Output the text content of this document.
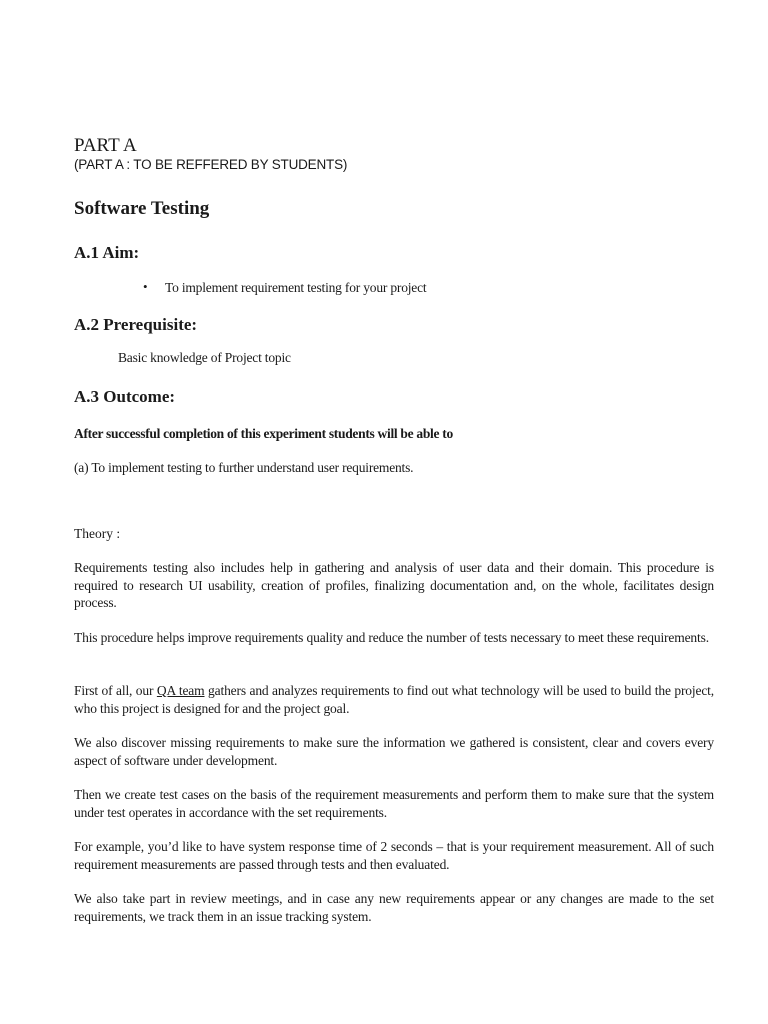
PART A

(PART A : TO BE REFFERED BY STUDENTS)

Software Testing
A.1 Aim:
• To implement requirement testing for your project

A.2 Prerequisite:

Basic knowledge of Project topic

A.3 Outcome:

After successful completion of this experiment students will be able to

(a) To implement testing to further understand user requirements.

Theory :

Requirements testing also includes help in gathering and analysis of user data and their domain. This procedure is required to research UI usability, creation of profiles, finalizing documentation and, on the whole, facilitates design process.

This procedure helps improve requirements quality and reduce the number of tests necessary to meet these requirements.

First of all, our QA team gathers and analyzes requirements to find out what technology will be used to build the project, who this project is designed for and the project goal.

We also discover missing requirements to make sure the information we gathered is consistent, clear and covers every aspect of software under development.

Then we create test cases on the basis of the requirement measurements and perform them to make sure that the system under test operates in accordance with the set requirements.

For example, you’d like to have system response time of 2 seconds – that is your requirement measurement. All of such requirement measurements are passed through tests and then evaluated.

We also take part in review meetings, and in case any new requirements appear or any changes are made to the set requirements, we track them in an issue tracking system.
